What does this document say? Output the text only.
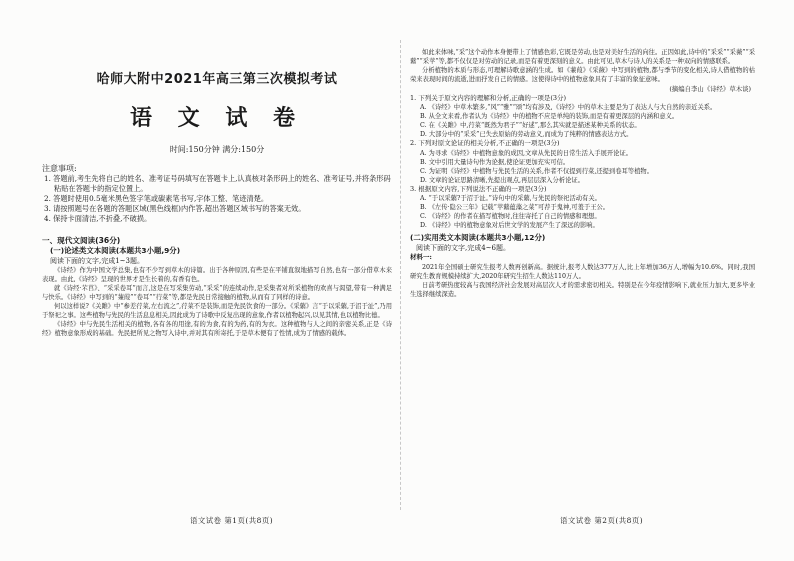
哈师大附中2021年高三第三次模拟考试
语 文 试 卷
时间:150分钟 满分:150分
注意事项:
1. 答题前,考生先将自己的姓名、准考证号码填写在答题卡上,认真核对条形码上的姓名、准考证号,并将条形码粘贴在答题卡的指定位置上。
2. 答题时使用0.5毫米黑色签字笔或碳素笔书写,字体工整、笔迹清楚。
3. 请按照题号在各题的答题区域(黑色线框)内作答,超出答题区域书写的答案无效。
4. 保持卡面清洁,不折叠,不破损。
一、现代文阅读(36分)
(一)论述类文本阅读(本题共3小题,9分)
阅读下面的文字,完成1~3题。

《诗经》作为中国文学总集,也有不少写到草木的诗篇。出于各种原因,有些是在平铺直叙地描写自然,也有一部分借草木来表现。由此,《诗经》呈现的世界才是生长着的,有香有色。

就《诗经·芣苢》、“采采卷耳”而言,这是在写采集劳动,“采采”的连续动作,是采集者对所采植物的欢喜与渴望,带有一种满足与快乐。《诗经》中写到的“蒹葭”“卷耳”“荇菜”等,都是先民日常接触的植物,从而有了同样的诗意。

何以这样说?《关雎》中“参差荇菜,左右流之”,荇菜不是装饰,而是先民饮食的一部分。《采蘩》言“于以采蘩,于沼于沚”,乃用于祭祀之事。这些植物与先民的生活息息相关,因此成为了诗歌中反复出现的意象,作者以植物起兴,以见其情,也以植物比德。

《诗经》中与先民生活相关的植物,各有各的用途,有的为食,有的为药,有的为衣。这种植物与人之间的亲密关系,正是《诗经》植物意象形成的基础。先民把所见之物写入诗中,并对其有所寄托,于是草木便有了性情,成为了情感的载体。

语文试卷 第1页(共8页)

如此来体味,“采”这个动作本身便带上了情感色彩,它既是劳动,也是对美好生活的向往。正因如此,诗中的“采采”“采薇”“采蘩”“采苹”等,都不仅仅是对劳动的记录,而是有着更深刻的意义。由此可见,草木与诗人的关系是一种双向的情感联系。

分析植物的本质与形态,可理解诗歌意涵的生成。如《蒹葭》《采薇》中写到的植物,都与季节的变化相关,诗人借植物的枯荣来表现时间的流逝,进而抒发自己的情感。这使得诗中的植物意象具有了丰富的象征意味。

(摘编自李山《诗经》草木谈)

1. 下列关于原文内容的理解和分析,正确的一项是(3分)

A. 《诗经》中草木繁多,“风”“雅”“颂”均有涉及,《诗经》中的草木主要是为了表达人与大自然的亲近关系。

B. 从全文来看,作者认为《诗经》中的植物不应是单纯的装饰,而是有着更深层的内涵和意义。

C. 在《关雎》中,荇菜“既然为君子”“好逑”,那么其实就是描述某种关系的状态。

D. 大部分中的“采采”已失去原始的劳动意义,而成为了纯粹的情感表达方式。

2. 下列对原文论证的相关分析,不正确的一项是(3分)

A. 为寻求《诗经》中植物意象的成因,文章从先民的日常生活入手展开论证。

B. 文中引用大量诗句作为论据,使论证更加充实可信。

C. 为证明《诗经》中植物与先民生活的关系,作者不仅提到荇菜,还提到卷耳等植物。

D. 文章的论证思路清晰,先提出观点,再层层深入分析论证。

3. 根据原文内容,下列说法不正确的一项是(3分)

A. “于以采蘩?于沼于沚。”诗句中的采蘩,与先民的祭祀活动有关。

B. 《左传·隐公三年》记载“苹蘩蕴藻之菜”可荐于鬼神,可羞于王公。

C. 《诗经》的作者在描写植物时,往往寄托了自己的情感和理想。

D. 《诗经》中的植物意象对后世文学的发展产生了深远的影响。

(二)实用类文本阅读(本题共3小题,12分)
阅读下面的文字,完成4~6题。
材料一:

2021年全国硕士研究生报考人数再创新高。据统计,报考人数达377万人,比上年增加36万人,增幅为10.6%。同时,我国研究生教育规模持续扩大,2020年研究生招生人数达110万人。

日前考研热度较高与我国经济社会发展对高层次人才的需求密切相关。特别是在今年疫情影响下,就业压力加大,更多毕业生选择继续深造。

语文试卷 第2页(共8页)
